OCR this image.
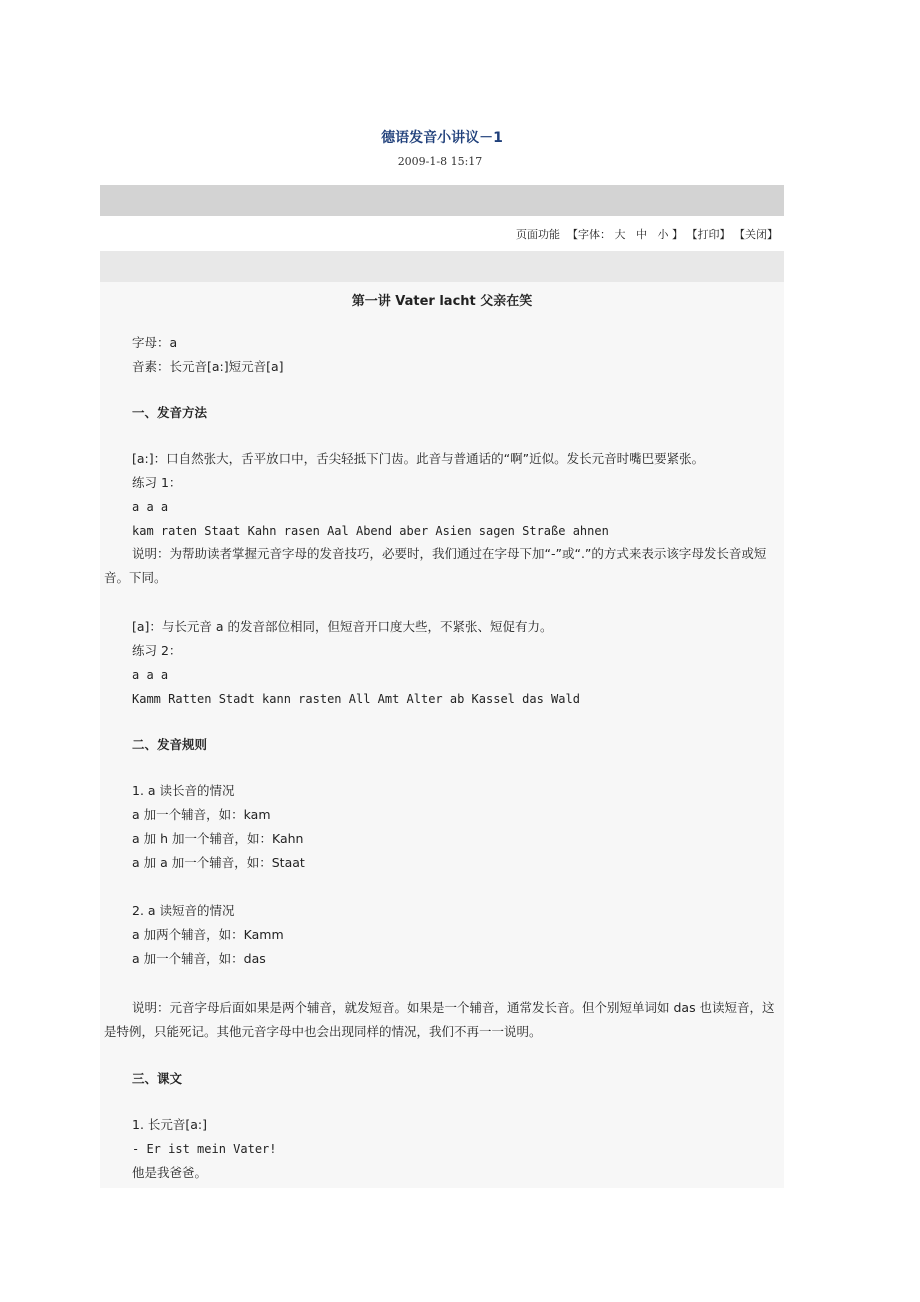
德语发音小讲议－1
2009-1-8 15:17
页面功能  【字体： 大 中 小 】 【打印】 【关闭】
第一讲 Vater lacht 父亲在笑
字母：a
音素：长元音[a:]短元音[a]
一、发音方法
[a:]：口自然张大，舌平放口中，舌尖轻抵下门齿。此音与普通话的“啊”近似。发长元音时嘴巴要紧张。
练习 1：
a a a
kam raten Staat Kahn rasen Aal Abend aber Asien sagen Straße ahnen
说明：为帮助读者掌握元音字母的发音技巧，必要时，我们通过在字母下加“-”或“.”的方式来表示该字母发长音或短音。下同。
[a]：与长元音 a 的发音部位相同，但短音开口度大些，不紧张、短促有力。
练习 2：
a a a
Kamm Ratten Stadt kann rasten All Amt Alter ab Kassel das Wald
二、发音规则
1. a 读长音的情况
a 加一个辅音，如：kam
a 加 h 加一个辅音，如：Kahn
a 加 a 加一个辅音，如：Staat
2. a 读短音的情况
a 加两个辅音，如：Kamm
a 加一个辅音，如：das
说明：元音字母后面如果是两个辅音，就发短音。如果是一个辅音，通常发长音。但个别短单词如 das 也读短音，这是特例，只能死记。其他元音字母中也会出现同样的情况，我们不再一一说明。
三、课文
1. 长元音[a:]
- Er ist mein Vater!
他是我爸爸。
